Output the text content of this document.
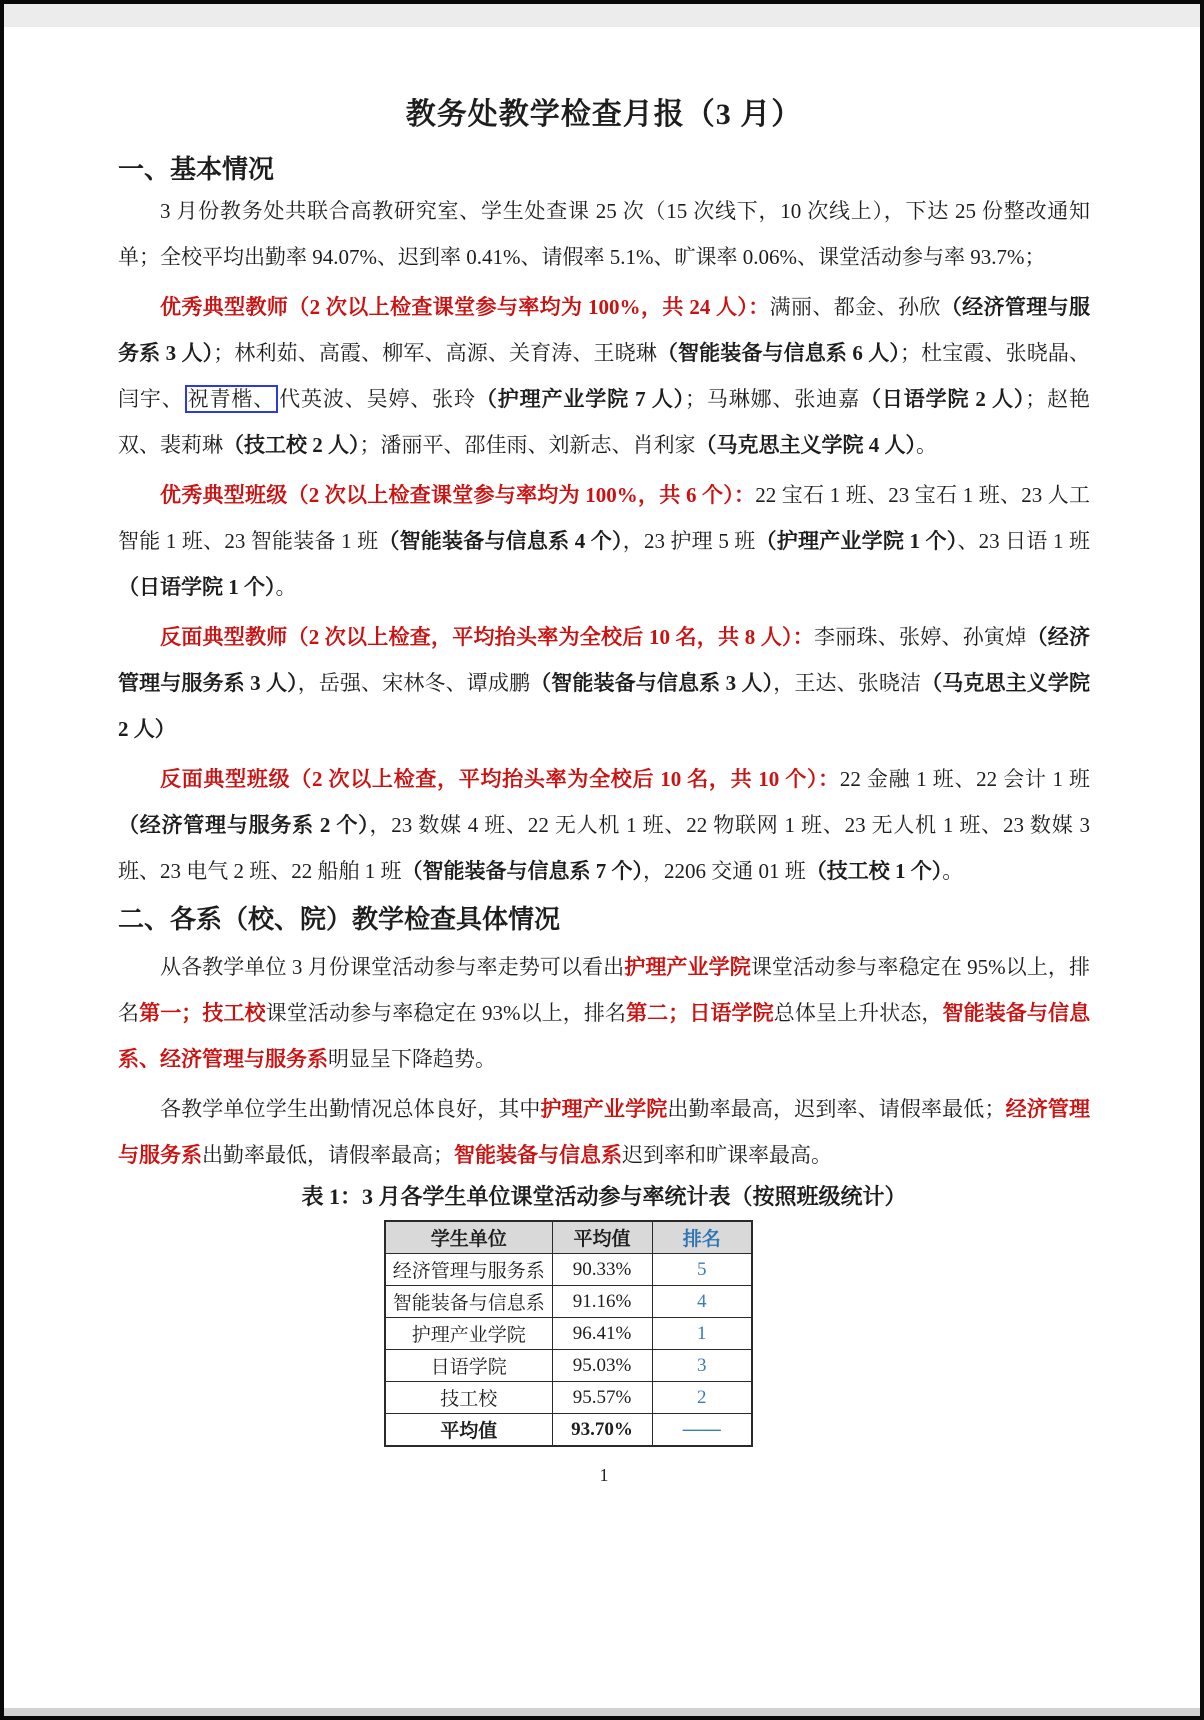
教务处教学检查月报（3 月）
一、基本情况

3 月份教务处共联合高教研究室、学生处查课 25 次（15 次线下，10 次线上），下达 25 份整改通知单；全校平均出勤率 94.07%、迟到率 0.41%、请假率 5.1%、旷课率 0.06%、课堂活动参与率 93.7%；

优秀典型教师（2 次以上检查课堂参与率均为 100%，共 24 人）：满丽、都金、孙欣（经济管理与服务系 3 人）；林利茹、高霞、柳军、高源、关育涛、王晓琳（智能装备与信息系 6 人）；杜宝霞、张晓晶、闫宇、 祝青楷、 代英波、吴婷、张玲（护理产业学院 7 人）；马琳娜、张迪嘉（日语学院 2 人）；赵艳双、裴莉琳（技工校 2 人）；潘丽平、邵佳雨、刘新志、肖利家（马克思主义学院 4 人）。

优秀典型班级（2 次以上检查课堂参与率均为 100%，共 6 个）：22 宝石 1 班、23 宝石 1 班、23 人工智能 1 班、23 智能装备 1 班（智能装备与信息系 4 个），23 护理 5 班（护理产业学院 1 个）、23 日语 1 班（日语学院 1 个）。

反面典型教师（2 次以上检查，平均抬头率为全校后 10 名，共 8 人）：李丽珠、张婷、孙寅焯（经济管理与服务系 3 人），岳强、宋林冬、谭成鹏（智能装备与信息系 3 人），王达、张晓洁（马克思主义学院 2 人）

反面典型班级（2 次以上检查，平均抬头率为全校后 10 名，共 10 个）：22 金融 1 班、22 会计 1 班（经济管理与服务系 2 个），23 数媒 4 班、22 无人机 1 班、22 物联网 1 班、23 无人机 1 班、23 数媒 3 班、23 电气 2 班、22 船舶 1 班（智能装备与信息系 7 个），2206 交通 01 班（技工校 1 个）。

二、各系（校、院）教学检查具体情况

从各教学单位 3 月份课堂活动参与率走势可以看出护理产业学院课堂活动参与率稳定在 95%以上，排名第一；技工校课堂活动参与率稳定在 93%以上，排名第二；日语学院总体呈上升状态，智能装备与信息系、经济管理与服务系明显呈下降趋势。

各教学单位学生出勤情况总体良好，其中护理产业学院出勤率最高，迟到率、请假率最低；经济管理与服务系出勤率最低，请假率最高；智能装备与信息系迟到率和旷课率最高。

表 1：3 月各学生单位课堂活动参与率统计表（按照班级统计）
学生单位	平均值	排名
经济管理与服务系	90.33%	5
智能装备与信息系	91.16%	4
护理产业学院	96.41%	1
日语学院	95.03%	3
技工校	95.57%	2
平均值	93.70%	——
1
